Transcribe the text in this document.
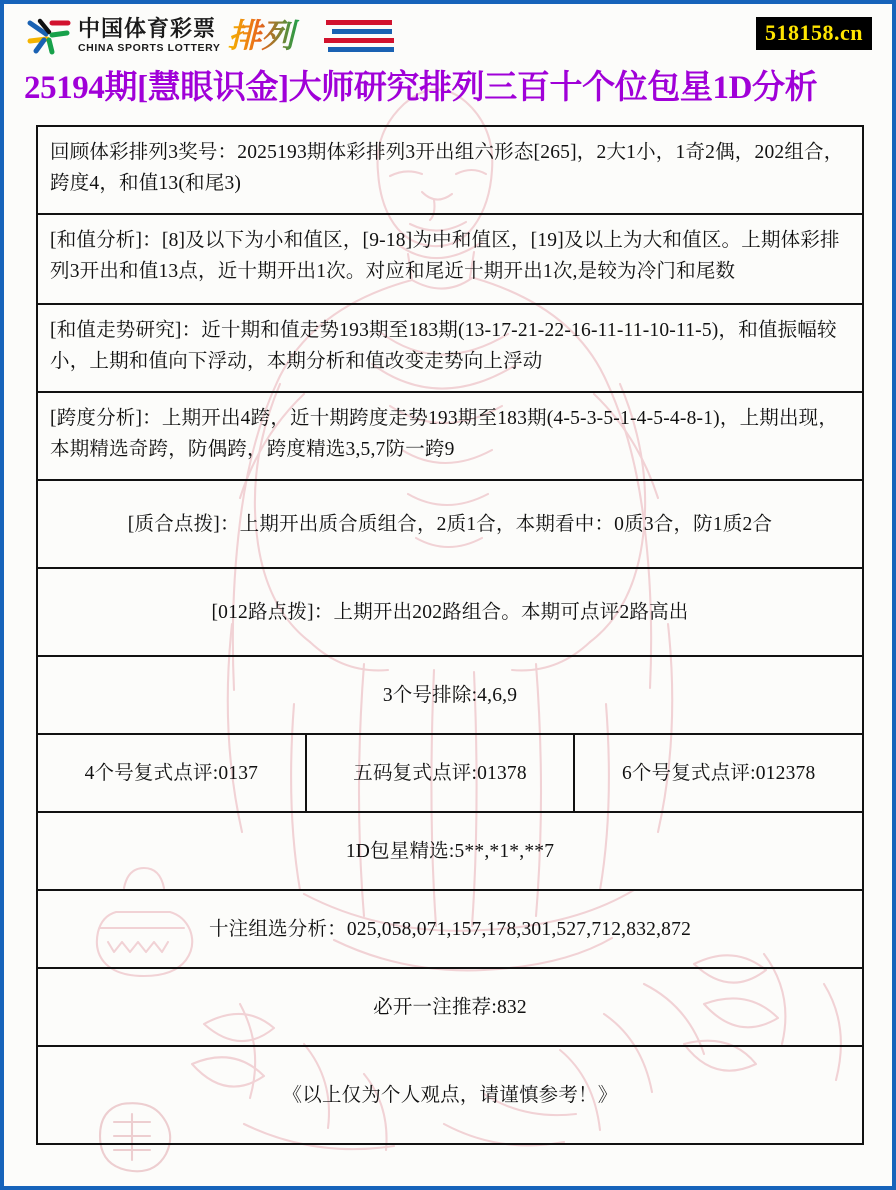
中国体育彩票
CHINA SPORTS LOTTERY 排列	518158.cn
25194期[慧眼识金]大师研究排列三百十个位包星1D分析
回顾体彩排列3奖号：2025193期体彩排列3开出组六形态[265]，2大1小，1奇2偶，202组合，跨度4，和值13(和尾3)
[和值分析]：[8]及以下为小和值区，[9-18]为中和值区，[19]及以上为大和值区。上期体彩排列3开出和值13点，近十期开出1次。对应和尾近十期开出1次,是较为冷门和尾数
[和值走势研究]：近十期和值走势193期至183期(13-17-21-22-16-11-11-10-11-5)，和值振幅较小，上期和值向下浮动，本期分析和值改变走势向上浮动
[跨度分析]：上期开出4跨，近十期跨度走势193期至183期(4-5-3-5-1-4-5-4-8-1)，上期出现，本期精选奇跨，防偶跨，跨度精选3,5,7防一跨9
[质合点拨]：上期开出质合质组合，2质1合，本期看中：0质3合，防1质2合
[012路点拨]：上期开出202路组合。本期可点评2路高出
3个号排除:4,6,9
4个号复式点评:0137	五码复式点评:01378	6个号复式点评:012378
1D包星精选:5**,*1*,**7
十注组选分析：025,058,071,157,178,301,527,712,832,872
必开一注推荐:832
《以上仅为个人观点，请谨慎参考！》
